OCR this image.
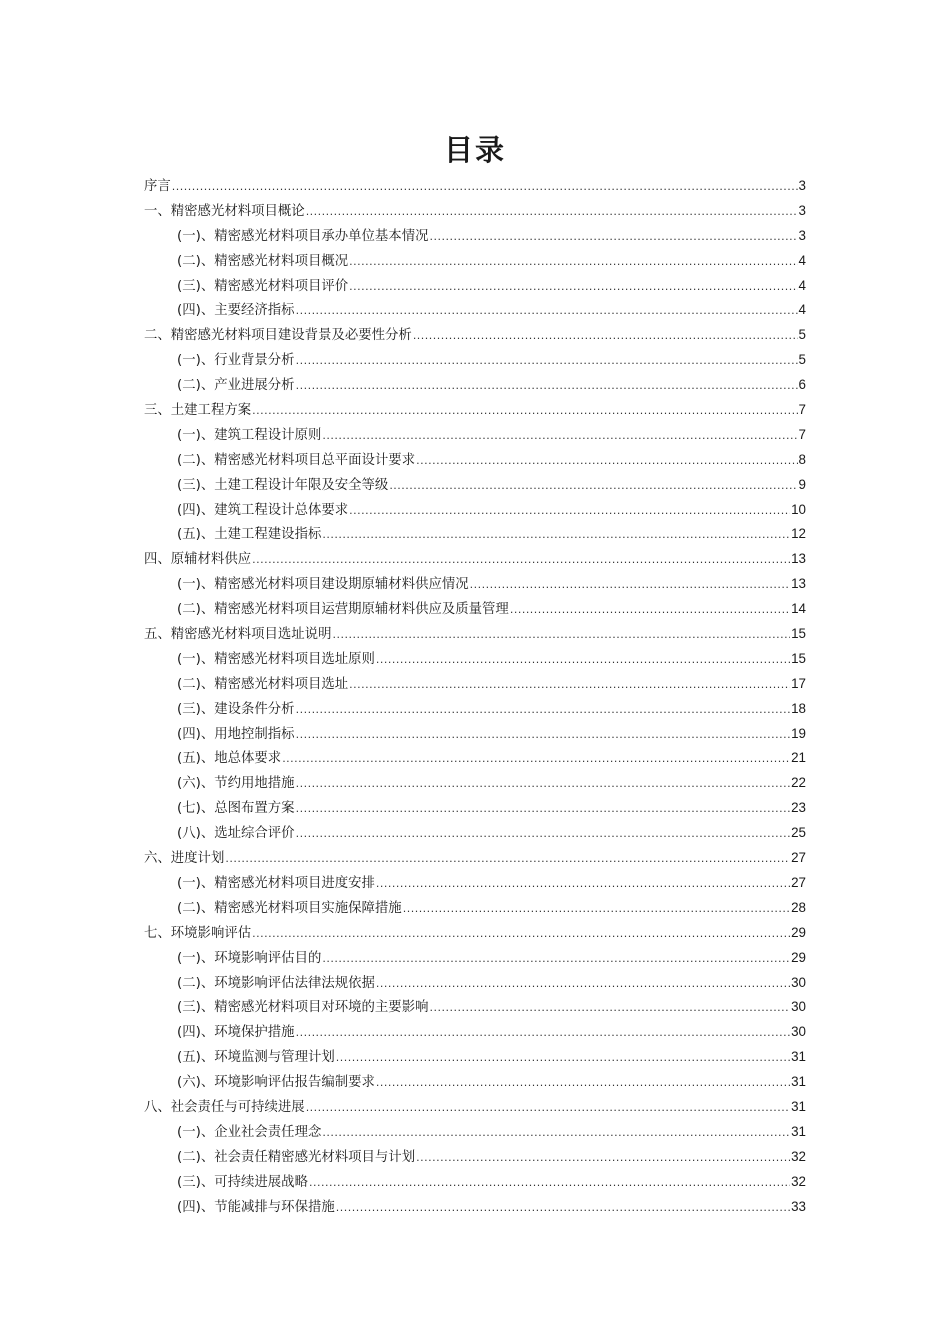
目录
序言 .....	3
一、精密感光材料项目概论 .....	3
(一)、精密感光材料项目承办单位基本情况 .....	3
(二)、精密感光材料项目概况 .....	4
(三)、精密感光材料项目评价 .....	4
(四)、主要经济指标 .....	4
二、精密感光材料项目建设背景及必要性分析 .....	5
(一)、行业背景分析 .....	5
(二)、产业进展分析 .....	6
三、土建工程方案 .....	7
(一)、建筑工程设计原则 .....	7
(二)、精密感光材料项目总平面设计要求 .....	8
(三)、土建工程设计年限及安全等级 .....	9
(四)、建筑工程设计总体要求 .....	10
(五)、土建工程建设指标 .....	12
四、原辅材料供应 .....	13
(一)、精密感光材料项目建设期原辅材料供应情况 .....	13
(二)、精密感光材料项目运营期原辅材料供应及质量管理 .....	14
五、精密感光材料项目选址说明 .....	15
(一)、精密感光材料项目选址原则 .....	15
(二)、精密感光材料项目选址 .....	17
(三)、建设条件分析 .....	18
(四)、用地控制指标 .....	19
(五)、地总体要求 .....	21
(六)、节约用地措施 .....	22
(七)、总图布置方案 .....	23
(八)、选址综合评价 .....	25
六、进度计划 .....	27
(一)、精密感光材料项目进度安排 .....	27
(二)、精密感光材料项目实施保障措施 .....	28
七、环境影响评估 .....	29
(一)、环境影响评估目的 .....	29
(二)、环境影响评估法律法规依据 .....	30
(三)、精密感光材料项目对环境的主要影响 .....	30
(四)、环境保护措施 .....	30
(五)、环境监测与管理计划 .....	31
(六)、环境影响评估报告编制要求 .....	31
八、社会责任与可持续进展 .....	31
(一)、企业社会责任理念 .....	31
(二)、社会责任精密感光材料项目与计划 .....	32
(三)、可持续进展战略 .....	32
(四)、节能减排与环保措施 .....	33
